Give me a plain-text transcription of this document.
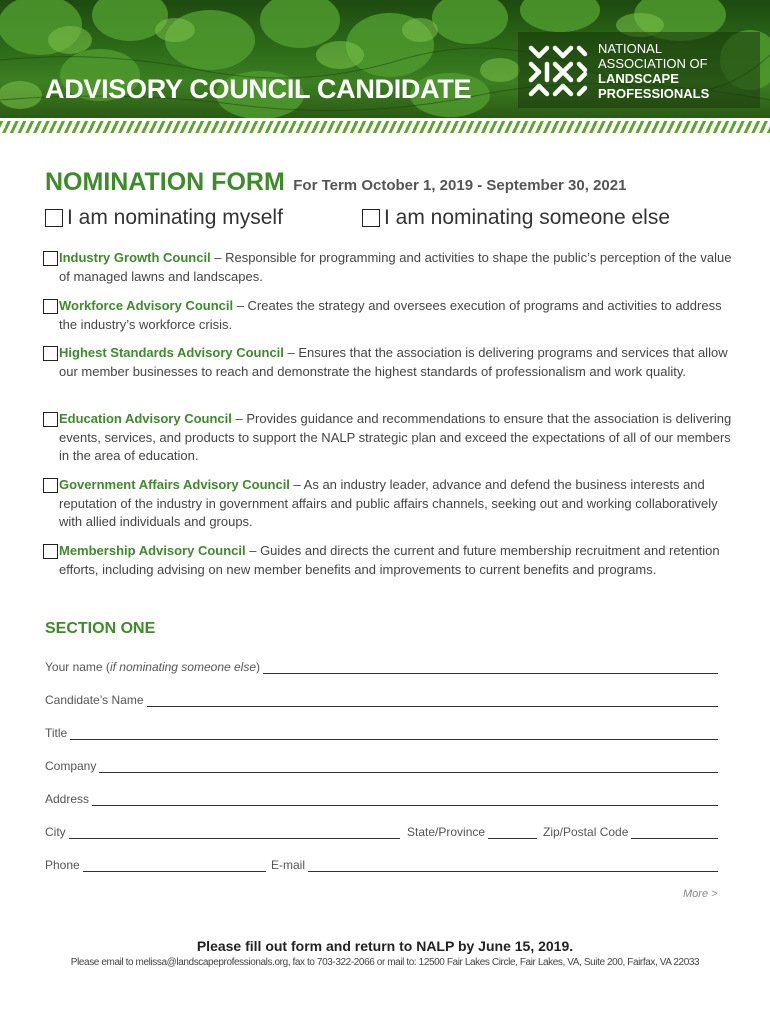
ADVISORY COUNCIL CANDIDATE
NATIONAL
ASSOCIATION OF
LANDSCAPE
PROFESSIONALS
NOMINATION FORM For Term October 1, 2019 - September 30, 2021
I am nominating myself	I am nominating someone else
Industry Growth Council – Responsible for programming and activities to shape the public’s perception of the value of managed lawns and landscapes.
Workforce Advisory Council – Creates the strategy and oversees execution of programs and activities to address the industry’s workforce crisis.
Highest Standards Advisory Council – Ensures that the association is delivering programs and services that allow our member businesses to reach and demonstrate the highest standards of professionalism and work quality.
Education Advisory Council – Provides guidance and recommendations to ensure that the association is delivering events, services, and products to support the NALP strategic plan and exceed the expectations of all of our members in the area of education.
Government Affairs Advisory Council – As an industry leader, advance and defend the business interests and reputation of the industry in government affairs and public affairs channels, seeking out and working collaboratively with allied individuals and groups.
Membership Advisory Council – Guides and directs the current and future membership recruitment and retention efforts, including advising on new member benefits and improvements to current benefits and programs.
SECTION ONE
Your name (if nominating someone else)
Candidate’s Name
Title
Company
Address
City	State/Province	Zip/Postal Code
Phone	E-mail
More >
Please fill out form and return to NALP by June 15, 2019.
Please email to melissa@landscapeprofessionals.org, fax to 703-322-2066 or mail to: 12500 Fair Lakes Circle, Fair Lakes, VA, Suite 200, Fairfax, VA 22033
